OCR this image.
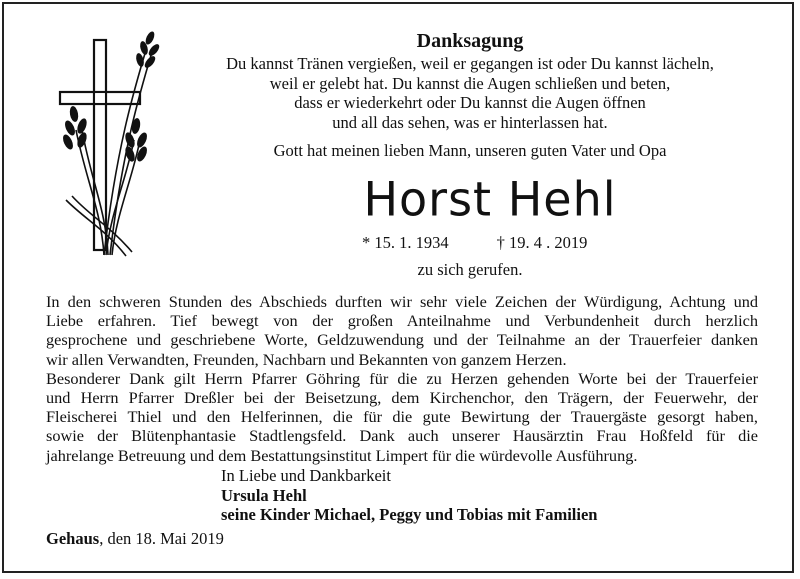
Danksagung
Du kannst Tränen vergießen, weil er gegangen ist oder Du kannst lächeln,
weil er gelebt hat. Du kannst die Augen schließen und beten,
dass er wiederkehrt oder Du kannst die Augen öffnen
und all das sehen, was er hinterlassen hat.
Gott hat meinen lieben Mann, unseren guten Vater und Opa
Horst Hehl
* 15. 1. 1934	† 19. 4 . 2019
zu sich gerufen.
In den schweren Stunden des Abschieds durften wir sehr viele Zeichen der Würdigung, Achtung und
Liebe erfahren. Tief bewegt von der großen Anteilnahme und Verbundenheit durch herzlich
gesprochene und geschriebene Worte, Geldzuwendung und der Teilnahme an der Trauerfeier danken
wir allen Verwandten, Freunden, Nachbarn und Bekannten von ganzem Herzen.
Besonderer Dank gilt Herrn Pfarrer Göhring für die zu Herzen gehenden Worte bei der Trauerfeier
und Herrn Pfarrer Dreßler bei der Beisetzung, dem Kirchenchor, den Trägern, der Feuerwehr, der
Fleischerei Thiel und den Helferinnen, die für die gute Bewirtung der Trauergäste gesorgt haben,
sowie der Blütenphantasie Stadtlengsfeld. Dank auch unserer Hausärztin Frau Hoßfeld für die
jahrelange Betreuung und dem Bestattungsinstitut Limpert für die würdevolle Ausführung.
In Liebe und Dankbarkeit
Ursula Hehl
seine Kinder Michael, Peggy und Tobias mit Familien
Gehaus, den 18. Mai 2019
